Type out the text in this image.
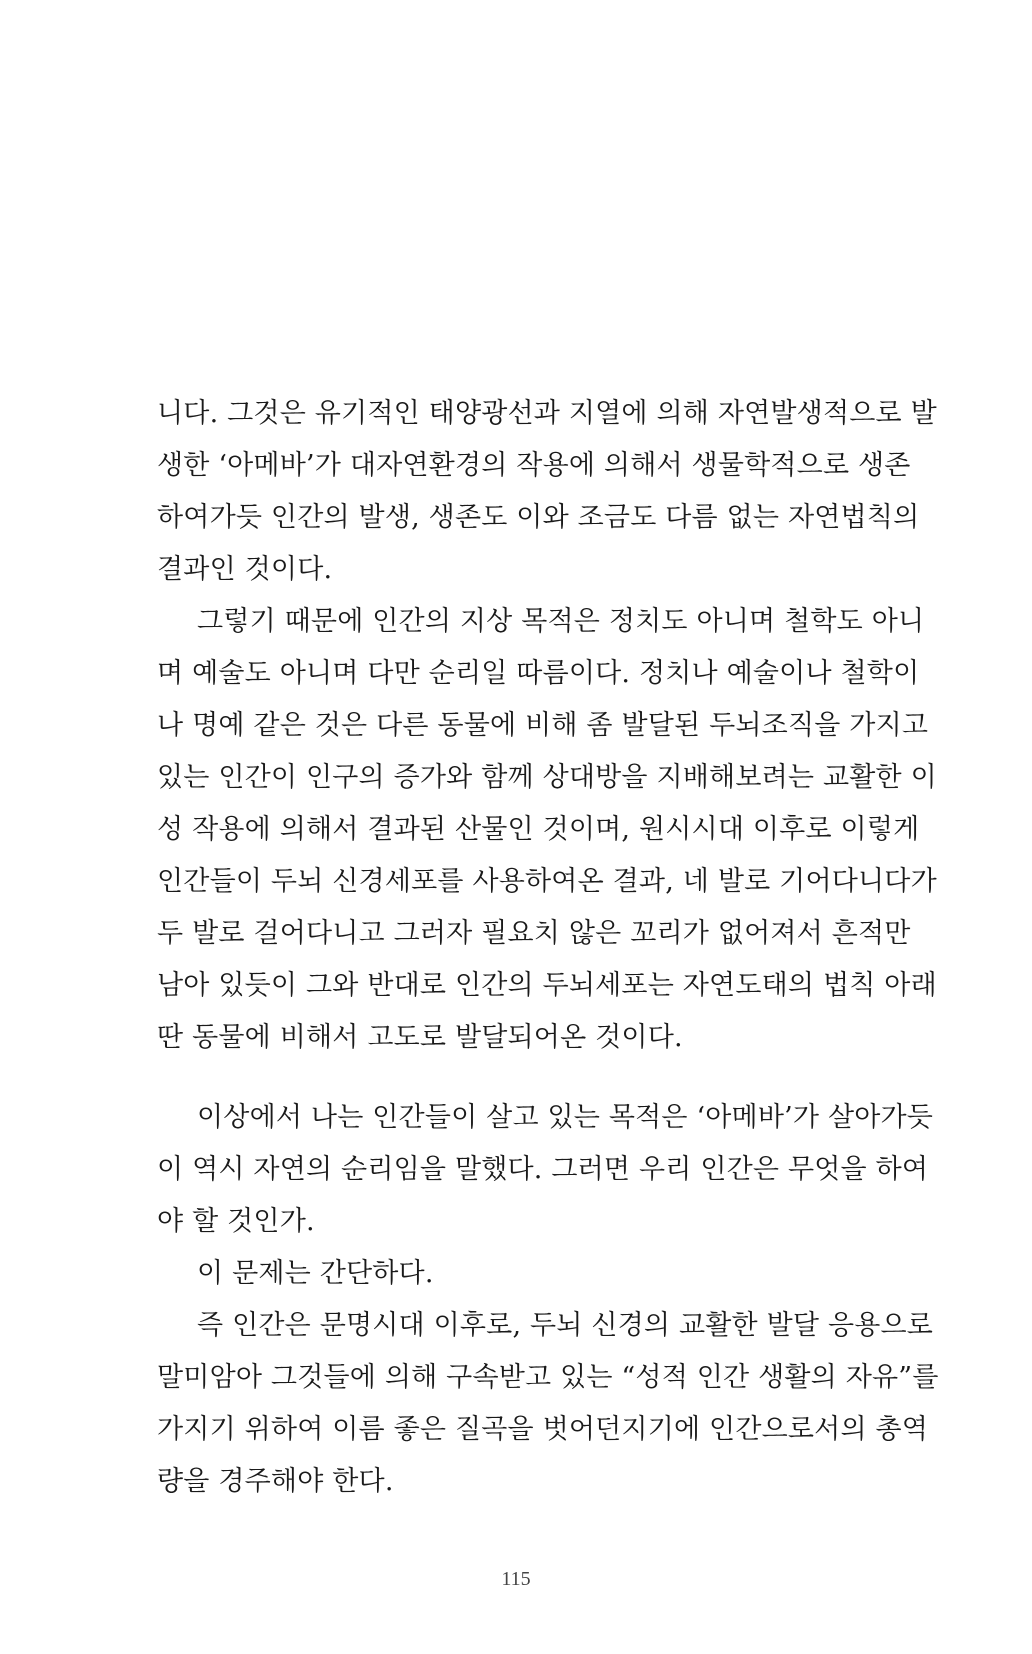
니다. 그것은 유기적인 태양광선과 지열에 의해 자연발생적으로 발
생한 ‘아메바’가 대자연환경의 작용에 의해서 생물학적으로 생존
하여가듯 인간의 발생, 생존도 이와 조금도 다름 없는 자연법칙의
결과인 것이다.
그렇기 때문에 인간의 지상 목적은 정치도 아니며 철학도 아니
며 예술도 아니며 다만 순리일 따름이다. 정치나 예술이나 철학이
나 명예 같은 것은 다른 동물에 비해 좀 발달된 두뇌조직을 가지고
있는 인간이 인구의 증가와 함께 상대방을 지배해보려는 교활한 이
성 작용에 의해서 결과된 산물인 것이며, 원시시대 이후로 이렇게
인간들이 두뇌 신경세포를 사용하여온 결과, 네 발로 기어다니다가
두 발로 걸어다니고 그러자 필요치 않은 꼬리가 없어져서 흔적만
남아 있듯이 그와 반대로 인간의 두뇌세포는 자연도태의 법칙 아래
딴 동물에 비해서 고도로 발달되어온 것이다.
이상에서 나는 인간들이 살고 있는 목적은 ‘아메바’가 살아가듯
이 역시 자연의 순리임을 말했다. 그러면 우리 인간은 무엇을 하여
야 할 것인가.
이 문제는 간단하다.
즉 인간은 문명시대 이후로, 두뇌 신경의 교활한 발달 응용으로
말미암아 그것들에 의해 구속받고 있는 “성적 인간 생활의 자유”를
가지기 위하여 이름 좋은 질곡을 벗어던지기에 인간으로서의 총역
량을 경주해야 한다.
115
